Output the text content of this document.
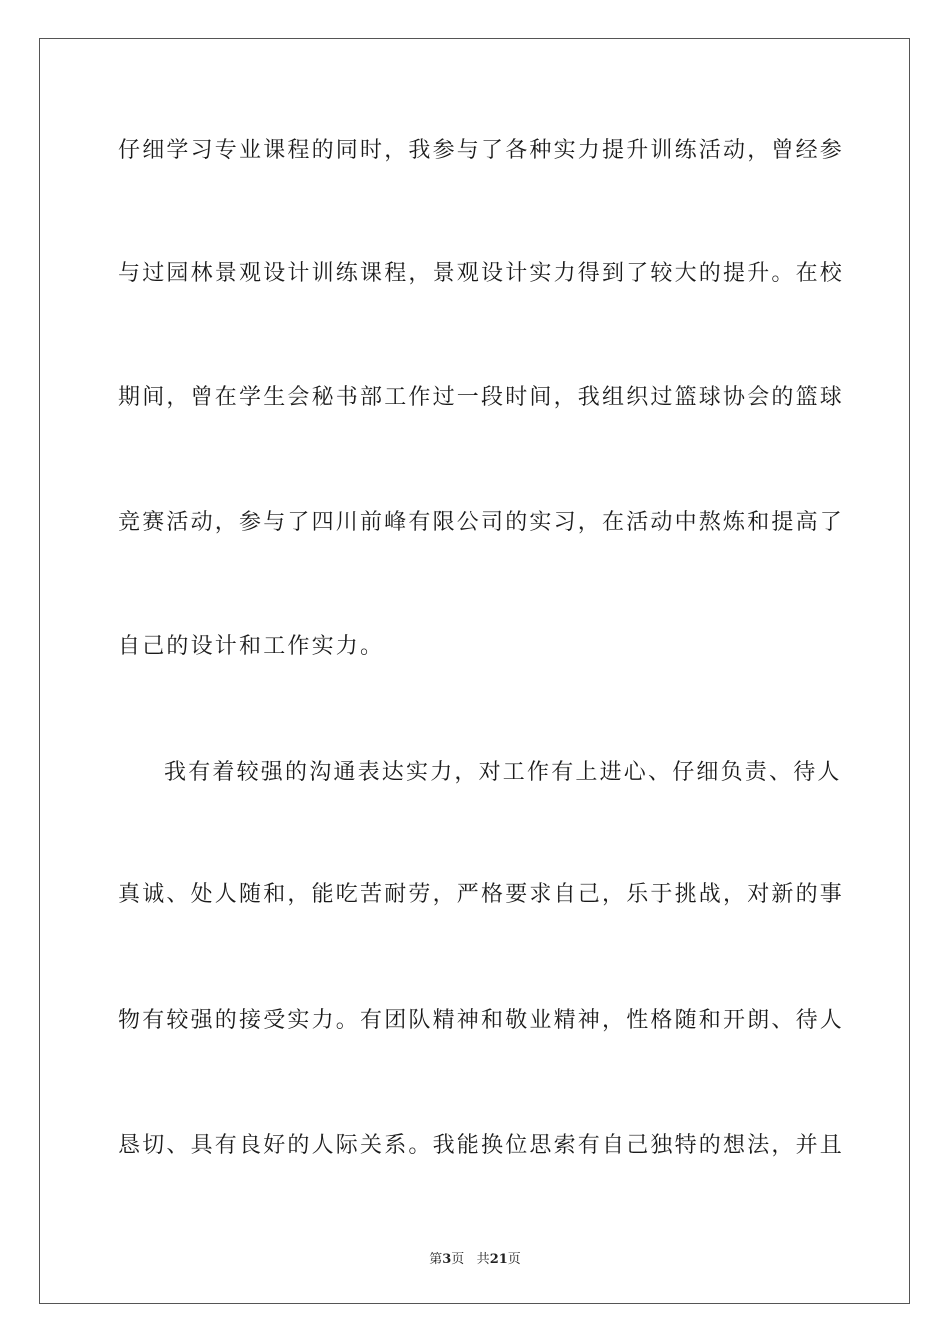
仔细学习专业课程的同时，我参与了各种实力提升训练活动，曾经参
与过园林景观设计训练课程，景观设计实力得到了较大的提升。在校
期间，曾在学生会秘书部工作过一段时间，我组织过篮球协会的篮球
竞赛活动，参与了四川前峰有限公司的实习，在活动中熬炼和提高了
自己的设计和工作实力。
我有着较强的沟通表达实力，对工作有上进心、仔细负责、待人
真诚、处人随和，能吃苦耐劳，严格要求自己，乐于挑战，对新的事
物有较强的接受实力。有团队精神和敬业精神，性格随和开朗、待人
恳切、具有良好的人际关系。我能换位思索有自己独特的想法，并且
第3页 共21页
